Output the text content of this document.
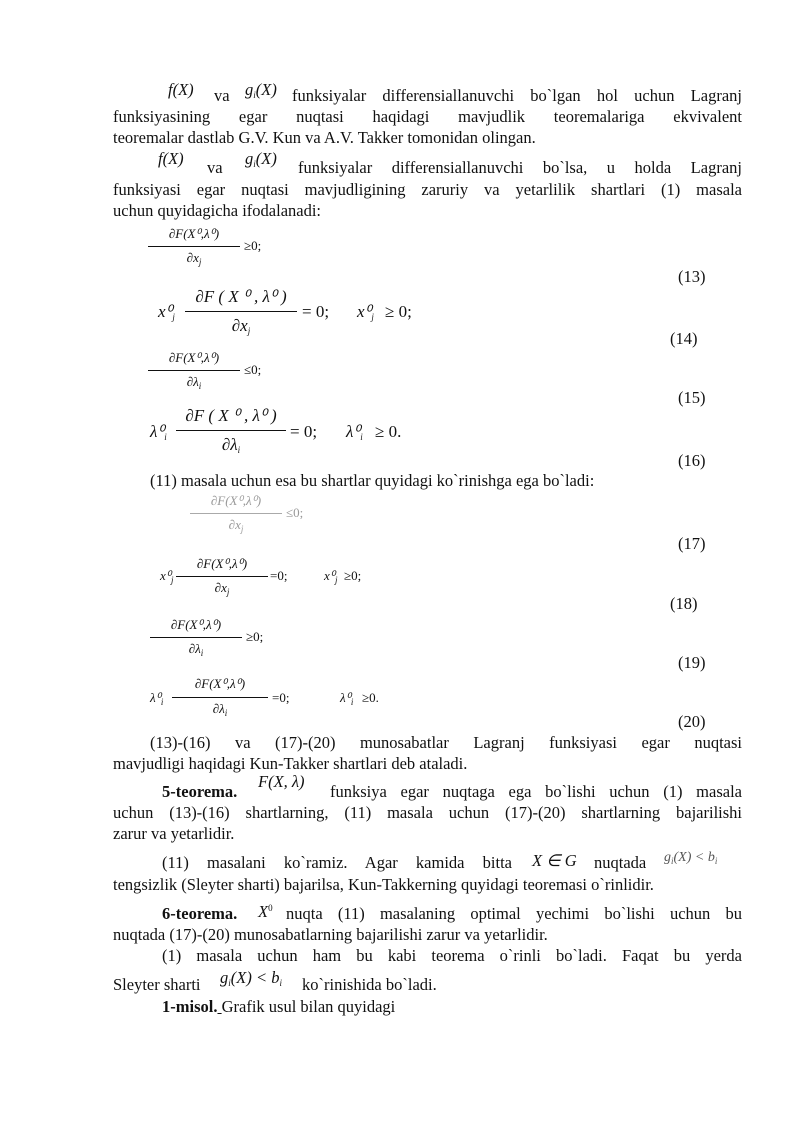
f(X) va $g_i(X)$ funksiyalar differensiallanuvchi bo`lgan hol uchun Lagranj
funksiyasining egar nuqtasi haqidagi mavjudlik teoremalariga ekvivalent
teoremalar dastlab G.V. Kun va A.V. Takker tomonidan olingan.
f(X) va $g_i(X)$ funksiyalar differensiallanuvchi bo`lsa, u holda Lagranj
funksiyasi egar nuqtasi mavjudligining zaruriy va yetarlilik shartlari (1) masala
uchun quyidagicha ifodalanadi:
∂F(X⁰,λ⁰)
$\partial x_j$
≥0;
(13)
$x^0_j$
∂F ( X ⁰ , λ⁰ )
$\partial x_j$
= 0; $x^0_j \ge 0$;
(14)
∂F(X⁰,λ⁰)
$\partial\lambda_i$
≤0;
(15)
$\lambda^0_i$
∂F ( X ⁰ , λ⁰ )
$\partial\lambda_i$
= 0; $\lambda^0_i \ge 0$.
(16)
(11) masala uchun esa bu shartlar quyidagi ko`rinishga ega bo`ladi:
∂F(X⁰,λ⁰)
$\partial x_j$
≤0;
(17)
$x^0_j$
∂F(X⁰,λ⁰)
$\partial x_j$
=0;	$x^0_j \ge 0$;
(18)
∂F(X⁰,λ⁰)
$\partial\lambda_i$
≥0;
(19)
$\lambda^0_i$
∂F(X⁰,λ⁰)
$\partial\lambda_i$
=0;	$\lambda^0_i \ge 0$.
(20)
(13)-(16) va (17)-(20) munosabatlar Lagranj funksiyasi egar nuqtasi
mavjudligi haqidagi Kun-Takker shartlari deb ataladi.
5-teorema.
F(X, λ)
funksiya egar nuqtaga ega bo`lishi uchun (1) masala
uchun (13)-(16) shartlarning, (11) masala uchun (17)-(20) shartlarning bajarilishi
zarur va yetarlidir.
(11) masalani ko`ramiz. Agar kamida bitta X ∈ G nuqtada $g_i(X) < b_i$
tengsizlik (Sleyter sharti) bajarilsa, Kun-Takkerning quyidagi teoremasi o`rinlidir.
6-teorema. $X^0$ nuqta (11) masalaning optimal yechimi bo`lishi uchun bu
nuqtada (17)-(20) munosabatlarning bajarilishi zarur va yetarlidir.
(1) masala uchun ham bu kabi teorema o`rinli bo`ladi. Faqat bu yerda
Sleyter sharti $g_i(X) < b_i$ ko`rinishida bo`ladi.
1-misol. Grafik usul bilan quyidagi
